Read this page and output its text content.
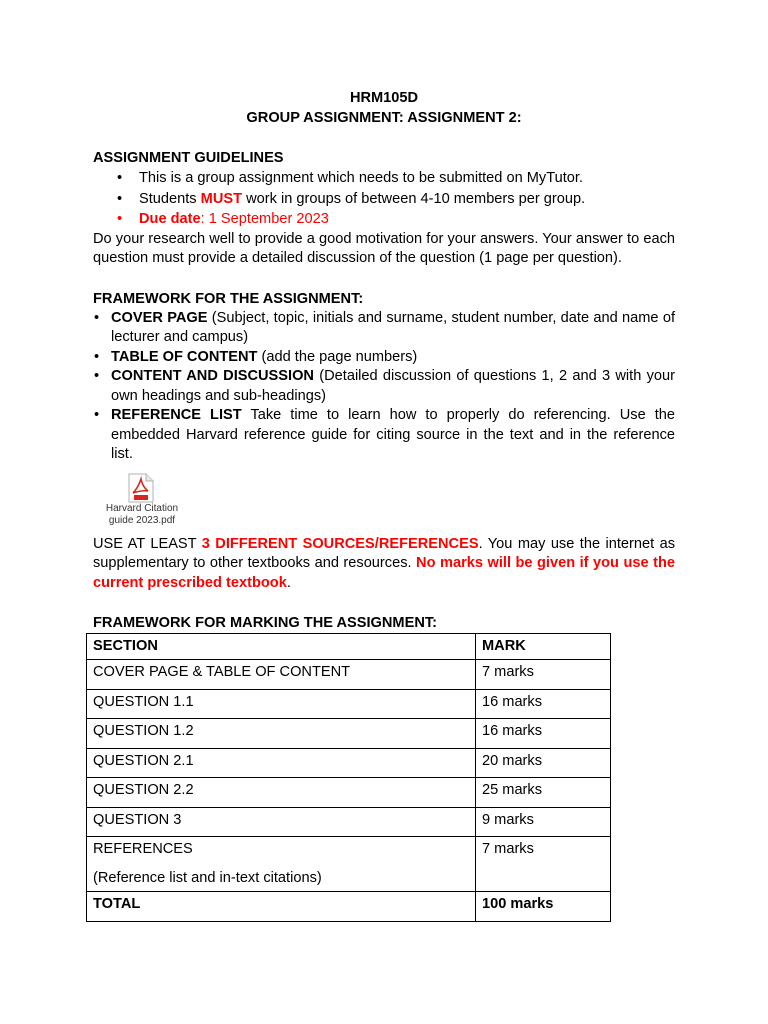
HRM105D
GROUP ASSIGNMENT: ASSIGNMENT 2:
ASSIGNMENT GUIDELINES
• This is a group assignment which needs to be submitted on MyTutor.
• Students MUST work in groups of between 4-10 members per group.
• Due date: 1 September 2023

Do your research well to provide a good motivation for your answers. Your answer to each question must provide a detailed discussion of the question (1 page per question).

FRAMEWORK FOR THE ASSIGNMENT:
• COVER PAGE (Subject, topic, initials and surname, student number, date and name of lecturer and campus)
• TABLE OF CONTENT (add the page numbers)
• CONTENT AND DISCUSSION (Detailed discussion of questions 1, 2 and 3 with your own headings and sub-headings)
• REFERENCE LIST Take time to learn how to properly do referencing. Use the embedded Harvard reference guide for citing source in the text and in the reference list.
Harvard Citation
guide 2023.pdf

USE AT LEAST 3 DIFFERENT SOURCES/REFERENCES. You may use the internet as supplementary to other textbooks and resources. No marks will be given if you use the current prescribed textbook.

FRAMEWORK FOR MARKING THE ASSIGNMENT:
SECTION	MARK
COVER PAGE & TABLE OF CONTENT	7 marks
QUESTION 1.1	16 marks
QUESTION 1.2	16 marks
QUESTION 2.1	20 marks
QUESTION 2.2	25 marks
QUESTION 3	9 marks

REFERENCES
(Reference list and in-text citations)	7 marks
TOTAL	100 marks
